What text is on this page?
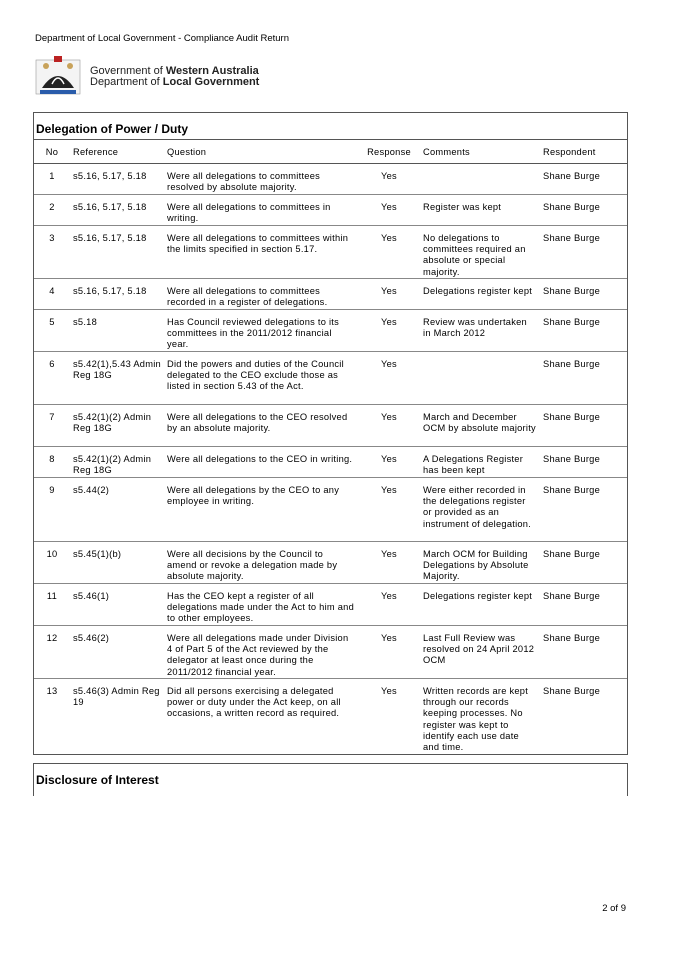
Department of Local Government - Compliance Audit Return
Government of Western Australia
Department of Local Government
Delegation of Power / Duty
No	Reference	Question	Response	Comments	Respondent
1	s5.16, 5.17, 5.18	Were all delegations to committees resolved by absolute majority.	Yes		Shane Burge
2	s5.16, 5.17, 5.18	Were all delegations to committees in writing.	Yes	Register was kept	Shane Burge
3	s5.16, 5.17, 5.18	Were all delegations to committees within the limits specified in section 5.17.	Yes	No delegations to committees required an absolute or special majority.	Shane Burge
4	s5.16, 5.17, 5.18	Were all delegations to committees recorded in a register of delegations.	Yes	Delegations register kept	Shane Burge
5	s5.18	Has Council reviewed delegations to its committees in the 2011/2012 financial year.	Yes	Review was undertaken in March 2012	Shane Burge
6	s5.42(1),5.43 Admin Reg 18G	Did the powers and duties of the Council delegated to the CEO exclude those as listed in section 5.43 of the Act.	Yes		Shane Burge
7	s5.42(1)(2) Admin Reg 18G	Were all delegations to the CEO resolved by an absolute majority.	Yes	March and December OCM by absolute majority	Shane Burge
8	s5.42(1)(2) Admin Reg 18G	Were all delegations to the CEO in writing.	Yes	A Delegations Register has been kept	Shane Burge
9	s5.44(2)	Were all delegations by the CEO to any employee in writing.	Yes	Were either recorded in the delegations register or provided as an instrument of delegation.	Shane Burge
10	s5.45(1)(b)	Were all decisions by the Council to amend or revoke a delegation made by absolute majority.	Yes	March OCM for Building Delegations by Absolute Majority.	Shane Burge
11	s5.46(1)	Has the CEO kept a register of all delegations made under the Act to him and to other employees.	Yes	Delegations register kept	Shane Burge
12	s5.46(2)	Were all delegations made under Division 4 of Part 5 of the Act reviewed by the delegator at least once during the 2011/2012 financial year.	Yes	Last Full Review was resolved on 24 April 2012 OCM	Shane Burge
13	s5.46(3) Admin Reg 19	Did all persons exercising a delegated power or duty under the Act keep, on all occasions, a written record as required.	Yes	Written records are kept through our records keeping processes. No register was kept to identify each use date and time.	Shane Burge
Disclosure of Interest
2 of 9
